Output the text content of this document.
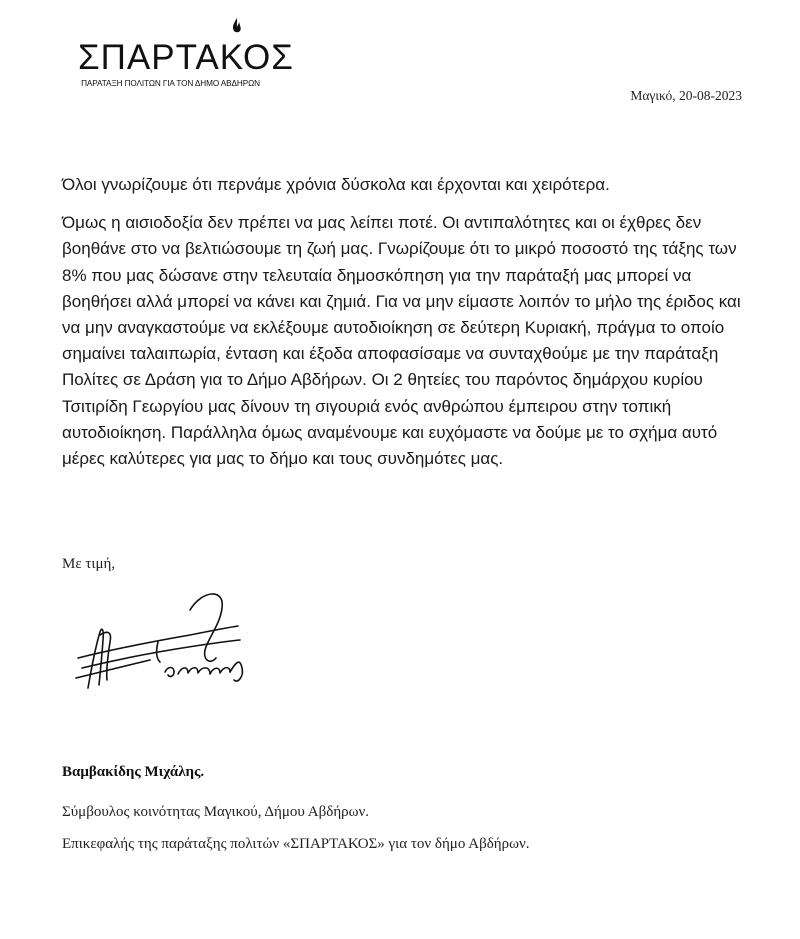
ΣΠΑΡΤΑΚΟΣ
ΠΑΡΑΤΑΞΗ ΠΟΛΙΤΩΝ ΓΙΑ ΤΟΝ ΔΗΜΟ ΑΒΔΗΡΩΝ
Μαγικό, 20-08-2023

Όλοι γνωρίζουμε ότι περνάμε χρόνια δύσκολα και έρχονται και χειρότερα.

Όμως η αισιοδοξία δεν πρέπει να μας λείπει ποτέ. Οι αντιπαλότητες και οι έχθρες δεν βοηθάνε στο να βελτιώσουμε τη ζωή μας. Γνωρίζουμε ότι το μικρό ποσοστό της τάξης των 8% που μας δώσανε στην τελευταία δημοσκόπηση για την παράταξή μας μπορεί να βοηθήσει αλλά μπορεί να κάνει και ζημιά. Για να μην είμαστε λοιπόν το μήλο της έριδος και να μην αναγκαστούμε να εκλέξουμε αυτοδιοίκηση σε δεύτερη Κυριακή, πράγμα το οποίο σημαίνει ταλαιπωρία, ένταση και έξοδα αποφασίσαμε να συνταχθούμε με την παράταξη Πολίτες σε Δράση για το Δήμο Αβδήρων. Οι 2 θητείες του παρόντος δημάρχου κυρίου Τσιτιρίδη Γεωργίου μας δίνουν τη σιγουριά ενός ανθρώπου έμπειρου στην τοπική αυτοδιοίκηση. Παράλληλα όμως αναμένουμε και ευχόμαστε να δούμε με το σχήμα αυτό μέρες καλύτερες για μας το δήμο και τους συνδημότες μας.

Με τιμή,
Βαμβακίδης Μιχάλης.
Σύμβουλος κοινότητας Μαγικού, Δήμου Αβδήρων.
Επικεφαλής της παράταξης πολιτών «ΣΠΑΡΤΑΚΟΣ» για τον δήμο Αβδήρων.
